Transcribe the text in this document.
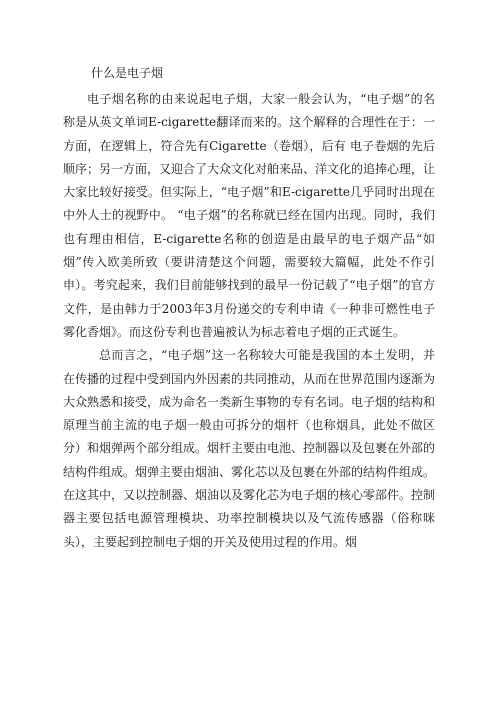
什么是电子烟

电子烟名称的由来说起电子烟，大家一般会认为，“电子烟”的名称是从英文单词E-cigarette翻译而来的。这个解释的合理性在于：一方面，在逻辑上，符合先有Cigarette（卷烟），后有 电子卷烟的先后顺序；另一方面，又迎合了大众文化对舶来品、洋文化的追捧心理，让大家比较好接受。但实际上，“电子烟”和E-cigarette几乎同时出现在中外人士的视野中。 “电子烟”的名称就已经在国内出现。同时，我们也有理由相信，E-cigarette名称的创造是由最早的电子烟产品“如烟”传入欧美所致（要讲清楚这个问题，需要较大篇幅，此处不作引申）。考究起来，我们目前能够找到的最早一份记载了“电子烟”的官方文件，是由韩力于2003年3月份递交的专利申请《一种非可燃性电子雾化香烟》。而这份专利也普遍被认为标志着电子烟的正式诞生。

总而言之，“电子烟”这一名称较大可能是我国的本土发明，并在传播的过程中受到国内外因素的共同推动，从而在世界范围内逐渐为大众熟悉和接受，成为命名一类新生事物的专有名词。电子烟的结构和原理当前主流的电子烟一般由可拆分的烟杆（也称烟具，此处不做区分）和烟弹两个部分组成。烟杆主要由电池、控制器以及包裹在外部的结构件组成。烟弹主要由烟油、雾化芯以及包裹在外部的结构件组成。在这其中，又以控制器、烟油以及雾化芯为电子烟的核心零部件。控制器主要包括电源管理模块、功率控制模块以及气流传感器（俗称咪头），主要起到控制电子烟的开关及使用过程的作用。烟
